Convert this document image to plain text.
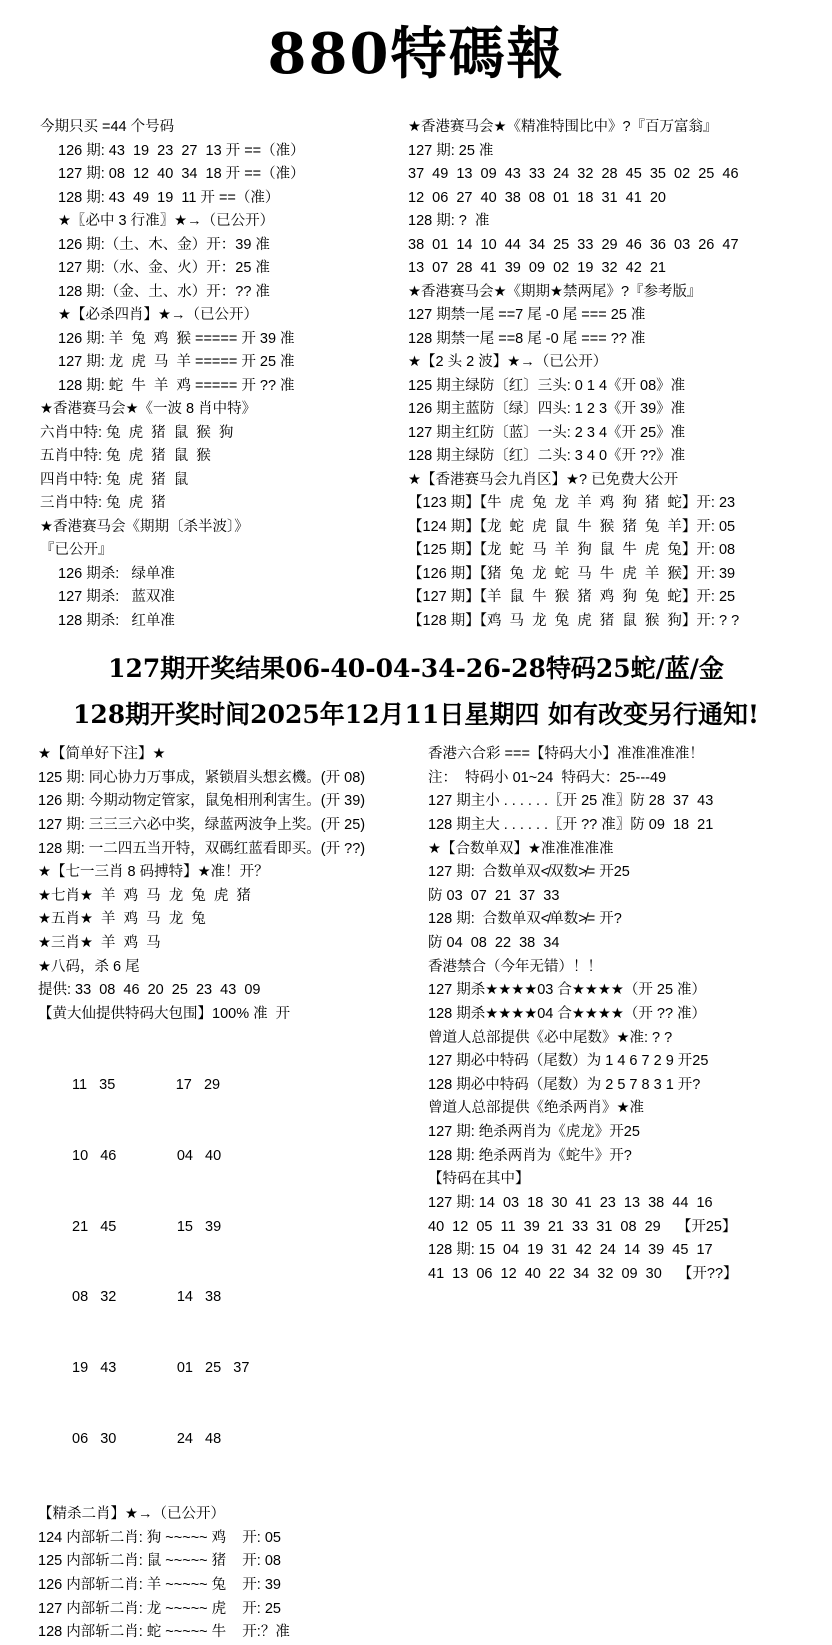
880特碼報
今期只买 =44 个号码
126 期: 43  19  23  27  13 开 ==（准）
127 期: 08  12  40  34  18 开 ==（准）
128 期: 43  49  19  11 开 ==（准）
★〖必中 3 行准〗★→（已公开）
126 期:（土、木、金）开：39 准
127 期:（水、金、火）开：25 准
128 期:（金、土、水）开：?? 准
★【必杀四肖】★→（已公开）
126 期: 羊  兔  鸡  猴 ===== 开 39 准
127 期: 龙  虎  马  羊 ===== 开 25 准
128 期: 蛇  牛  羊  鸡 ===== 开 ?? 准
★香港赛马会★《一波 8 肖中特》
六肖中特: 兔  虎  猪  鼠  猴  狗
五肖中特: 兔  虎  猪  鼠  猴
四肖中特: 兔  虎  猪  鼠
三肖中特: 兔  虎  猪
★香港赛马会《期期〔杀半波〕》
『已公开』
126 期杀:   绿单准
127 期杀:   蓝双准
128 期杀:   红单准
★香港赛马会★《精准特围比中》?『百万富翁』
127 期: 25 准
37  49  13  09  43  33  24  32  28  45  35  02  25  46
12  06  27  40  38  08  01  18  31  41  20
128 期: ?  准
38  01  14  10  44  34  25  33  29  46  36  03  26  47
13  07  28  41  39  09  02  19  32  42  21
★香港赛马会★《期期★禁两尾》?『参考版』
127 期禁一尾 ==7 尾 -0 尾 === 25 准
128 期禁一尾 ==8 尾 -0 尾 === ?? 准
★【2 头 2 波】★→（已公开）
125 期主绿防〔红〕三头: 0 1 4《开 08》准
126 期主蓝防〔绿〕四头: 1 2 3《开 39》准
127 期主红防〔蓝〕一头: 2 3 4《开 25》准
128 期主绿防〔红〕二头: 3 4 0《开 ??》准
★【香港赛马会九肖区】★? 已免费大公开
【123 期】【牛  虎  兔  龙  羊  鸡  狗  猪  蛇】开: 23
【124 期】【龙  蛇  虎  鼠  牛  猴  猪  兔  羊】开: 05
【125 期】【龙  蛇  马  羊  狗  鼠  牛  虎  兔】开: 08
【126 期】【猪  兔  龙  蛇  马  牛  虎  羊  猴】开: 39
【127 期】【羊  鼠  牛  猴  猪  鸡  狗  兔  蛇】开: 25
【128 期】【鸡  马  龙  兔  虎  猪  鼠  猴  狗】开: ? ?
127期开奖结果06-40-04-34-26-28特码25蛇/蓝/金
128期开奖时间2025年12月11日星期四 如有改变另行通知!
★【简单好下注】★
125 期: 同心协力万事成，紧锁眉头想玄機。(开 08)
126 期: 今期动物定管家，鼠兔相刑利害生。(开 39)
127 期: 三三三六必中奖，绿蓝两波争上奖。(开 25)
128 期: 一二四五当开特，双碼红蓝看即买。(开 ??)
★【七一三肖 8 码搏特】★准！开？
★七肖★  羊  鸡  马  龙  兔  虎  猪
★五肖★  羊  鸡  马  龙  兔
★三肖★  羊  鸡  马
★八码，杀 6 尾
提供: 33  08  46  20  25  23  43  09
【黄大仙提供特码大包围】100% 准  开

11 35	17 29

10 46	04 40

21 45	15 39

08 32	14 38

19 43	01 25 37

06 30	24 48

【精杀二肖】★→（已公开）
124 内部斩二肖: 狗 ~~~~~ 鸡    开: 05
125 内部斩二肖: 鼠 ~~~~~ 猪    开: 08
126 内部斩二肖: 羊 ~~~~~ 兔    开: 39
127 内部斩二肖: 龙 ~~~~~ 虎    开: 25
128 内部斩二肖: 蛇 ~~~~~ 牛    开:？准
香港六合彩 ===【特码大小】准准准准准！
注：  特码小 01~24  特码大：25---49
127 期主小 . . . . . .〖开 25 准〗防 28  37  43
128 期主大 . . . . . .〖开 ?? 准〗防 09  18  21
★【合数单双】★准准准准准
127 期:  合数单双≮双数≯= 开25
防 03  07  21  37  33
128 期:  合数单双≮单数≯= 开?
防 04  08  22  38  34
香港禁合（今年无错）！！
127 期杀★★★★03 合★★★★（开 25 准）
128 期杀★★★★04 合★★★★（开 ?? 准）
曾道人总部提供《必中尾数》★准: ? ?
127 期必中特码（尾数）为 1 4 6 7 2 9 开25
128 期必中特码（尾数）为 2 5 7 8 3 1 开?
曾道人总部提供《绝杀两肖》★准
127 期: 绝杀两肖为《虎龙》开25
128 期: 绝杀两肖为《蛇牛》开?
【特码在其中】
127 期: 14  03  18  30  41  23  13  38  44  16
40  12  05  11  39  21  33  31  08  29    【开25】
128 期: 15  04  19  31  42  24  14  39  45  17
41  13  06  12  40  22  34  32  09  30    【开??】
